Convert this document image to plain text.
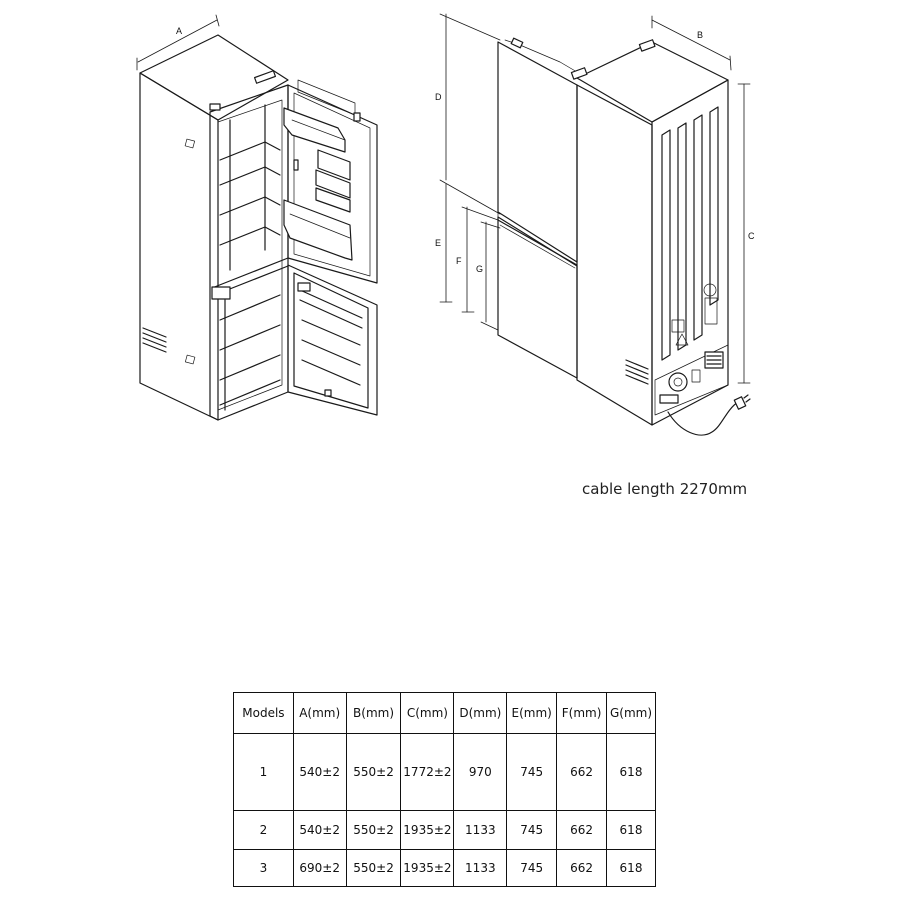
A	B
C
D
E
F
G
cable length 2270mm
Models	A(mm)	B(mm)	C(mm)	D(mm)	E(mm)	F(mm)	G(mm)
1	540±2	550±2	1772±2	970	745	662	618
2	540±2	550±2	1935±2	1133	745	662	618
3	690±2	550±2	1935±2	1133	745	662	618
